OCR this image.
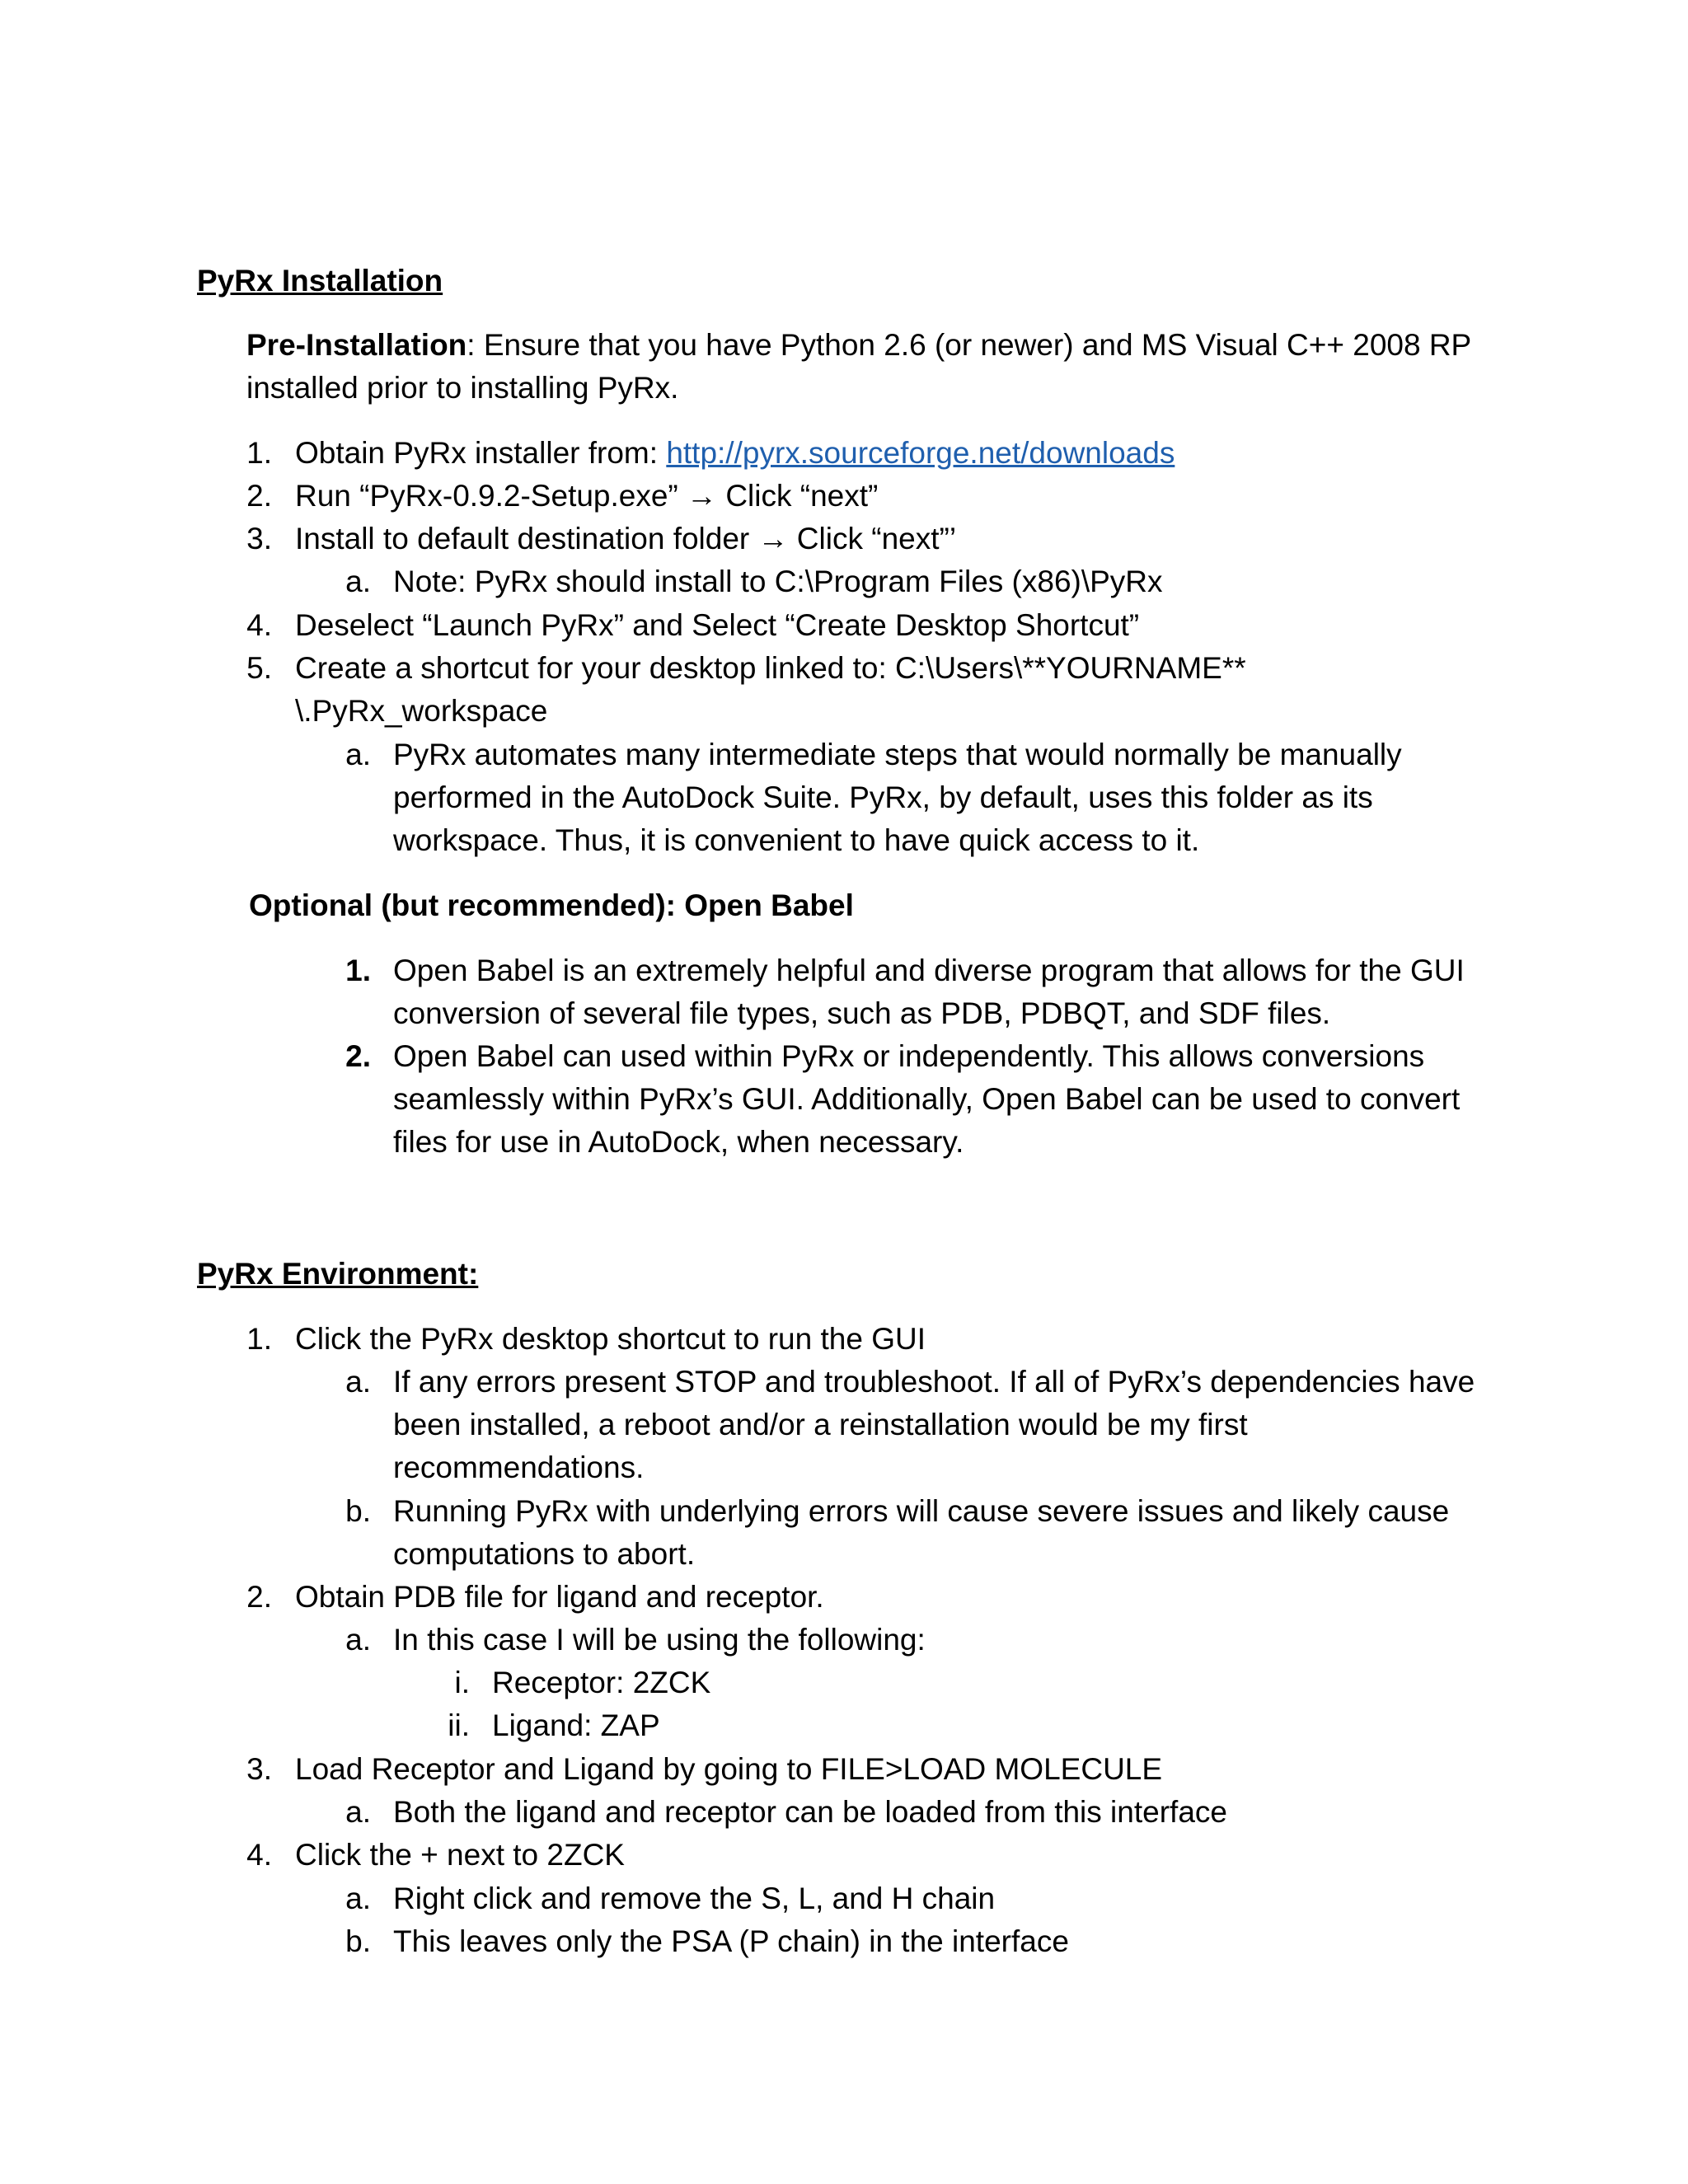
PyRx Installation
Pre-Installation: Ensure that you have Python 2.6 (or newer) and MS Visual C++ 2008 RP
installed prior to installing PyRx.
1. Obtain PyRx installer from: http://pyrx.sourceforge.net/downloads
2. Run “PyRx-0.9.2-Setup.exe” → Click “next”
3. Install to default destination folder → Click “next”’
a. Note: PyRx should install to C:\Program Files (x86)\PyRx
4. Deselect “Launch PyRx” and Select “Create Desktop Shortcut”
5. Create a shortcut for your desktop linked to: C:\Users\**YOURNAME**
\.PyRx_workspace
a. PyRx automates many intermediate steps that would normally be manually
performed in the AutoDock Suite. PyRx, by default, uses this folder as its
workspace. Thus, it is convenient to have quick access to it.
Optional (but recommended): Open Babel
1. Open Babel is an extremely helpful and diverse program that allows for the GUI
conversion of several file types, such as PDB, PDBQT, and SDF files.
2. Open Babel can used within PyRx or independently. This allows conversions
seamlessly within PyRx’s GUI. Additionally, Open Babel can be used to convert
files for use in AutoDock, when necessary.
PyRx Environment:
1. Click the PyRx desktop shortcut to run the GUI
a. If any errors present STOP and troubleshoot. If all of PyRx’s dependencies have
been installed, a reboot and/or a reinstallation would be my first
recommendations.
b. Running PyRx with underlying errors will cause severe issues and likely cause
computations to abort.
2. Obtain PDB file for ligand and receptor.
a. In this case I will be using the following:
i. Receptor: 2ZCK
ii. Ligand: ZAP
3. Load Receptor and Ligand by going to FILE>LOAD MOLECULE
a. Both the ligand and receptor can be loaded from this interface
4. Click the + next to 2ZCK
a. Right click and remove the S, L, and H chain
b. This leaves only the PSA (P chain) in the interface
